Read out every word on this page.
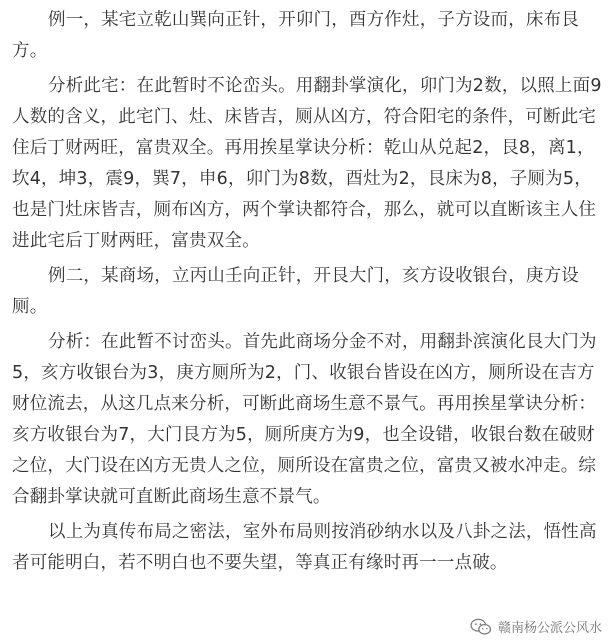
例一，某宅立乾山巽向正针，开卯门，酉方作灶，子方设而，床布艮方。

分析此宅：在此暂时不论峦头。用翻卦掌演化，卯门为2数，以照上面9人数的含义，此宅门、灶、床皆吉，厕从凶方，符合阳宅的条件，可断此宅住后丁财两旺，富贵双全。再用挨星掌诀分析：乾山从兑起2，艮8，离1，坎4，坤3，震9，巽7，申6，卯门为8数，酉灶为2，艮床为8，子厕为5，也是门灶床皆吉，厕布凶方，两个掌诀都符合，那么，就可以直断该主人住进此宅后丁财两旺，富贵双全。

例二，某商场，立丙山壬向正针，开艮大门，亥方设收银台，庚方设厕。

分析：在此暂不讨峦头。首先此商场分金不对，用翻卦滨演化艮大门为5，亥方收银台为3，庚方厕所为2，门、收银台皆设在凶方，厕所设在吉方财位流去，从这几点来分析，可断此商场生意不景气。再用挨星掌诀分析：亥方收银台为7，大门艮方为5，厕所庚方为9，也全设错，收银台数在破财之位，大门设在凶方无贵人之位，厕所设在富贵之位，富贵又被水冲走。综合翻卦掌诀就可直断此商场生意不景气。

以上为真传布局之密法，室外布局则按消砂纳水以及八卦之法，悟性高者可能明白，若不明白也不要失望，等真正有缘时再一一点破。

赣南杨公派公风水
